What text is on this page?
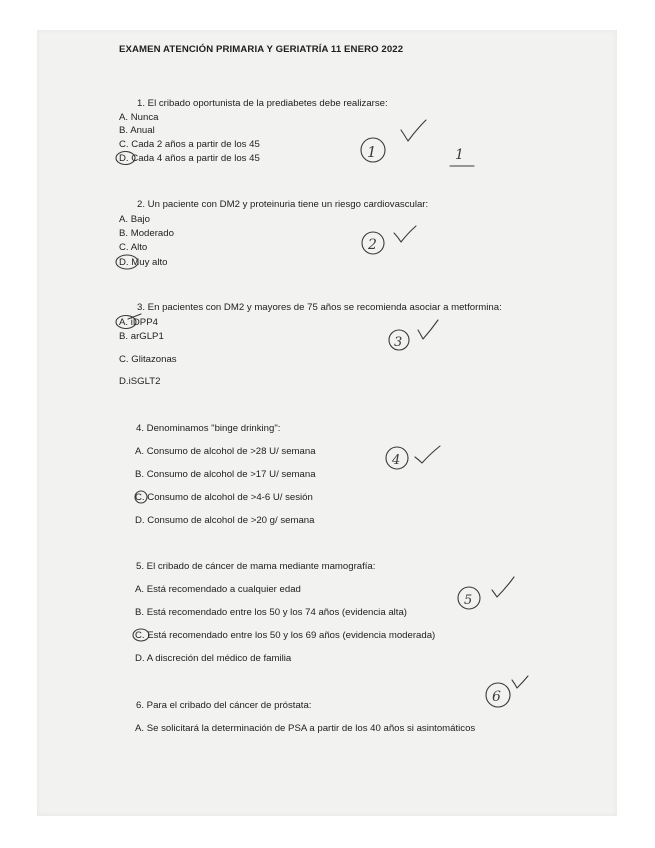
EXAMEN ATENCIÓN PRIMARIA Y GERIATRÍA 11 ENERO 2022
1. El cribado oportunista de la prediabetes debe realizarse:
A. Nunca
B. Anual
C. Cada 2 años a partir de los 45
D. Cada 4 años a partir de los 45
2. Un paciente con DM2 y proteinuria tiene un riesgo cardiovascular:
A. Bajo
B. Moderado
C. Alto
D. Muy alto
3. En pacientes con DM2 y mayores de 75 años se recomienda asociar a metformina:
A. iDPP4
B. arGLP1
C. Glitazonas
D.iSGLT2
4. Denominamos "binge drinking":
A. Consumo de alcohol de >28 U/ semana
B. Consumo de alcohol de >17 U/ semana
C. Consumo de alcohol de >4-6 U/ sesión
D. Consumo de alcohol de >20 g/ semana
5. El cribado de cáncer de mama mediante mamografía:
A. Está recomendado a cualquier edad
B. Está recomendado entre los 50 y los 74 años (evidencia alta)
C. Está recomendado entre los 50 y los 69 años (evidencia moderada)
D. A discreción del médico de familia
6. Para el cribado del cáncer de próstata:
A. Se solicitará la determinación de PSA a partir de los 40 años si asintomáticos
1	1
2
3
4
5
6
